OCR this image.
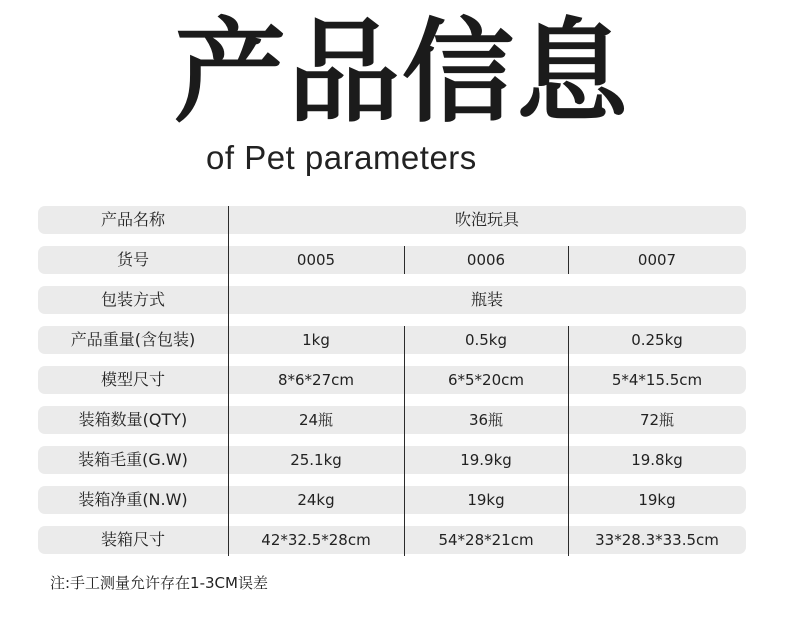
产品信息
of Pet parameters
产品名称	吹泡玩具
货号	0005	0006	0007
包装方式	瓶装
产品重量(含包装)	1kg	0.5kg	0.25kg
模型尺寸	8*6*27cm	6*5*20cm	5*4*15.5cm
装箱数量(QTY)	24瓶	36瓶	72瓶
装箱毛重(G.W)	25.1kg	19.9kg	19.8kg
装箱净重(N.W)	24kg	19kg	19kg
装箱尺寸	42*32.5*28cm	54*28*21cm	33*28.3*33.5cm
注:手工测量允许存在1-3CM误差
